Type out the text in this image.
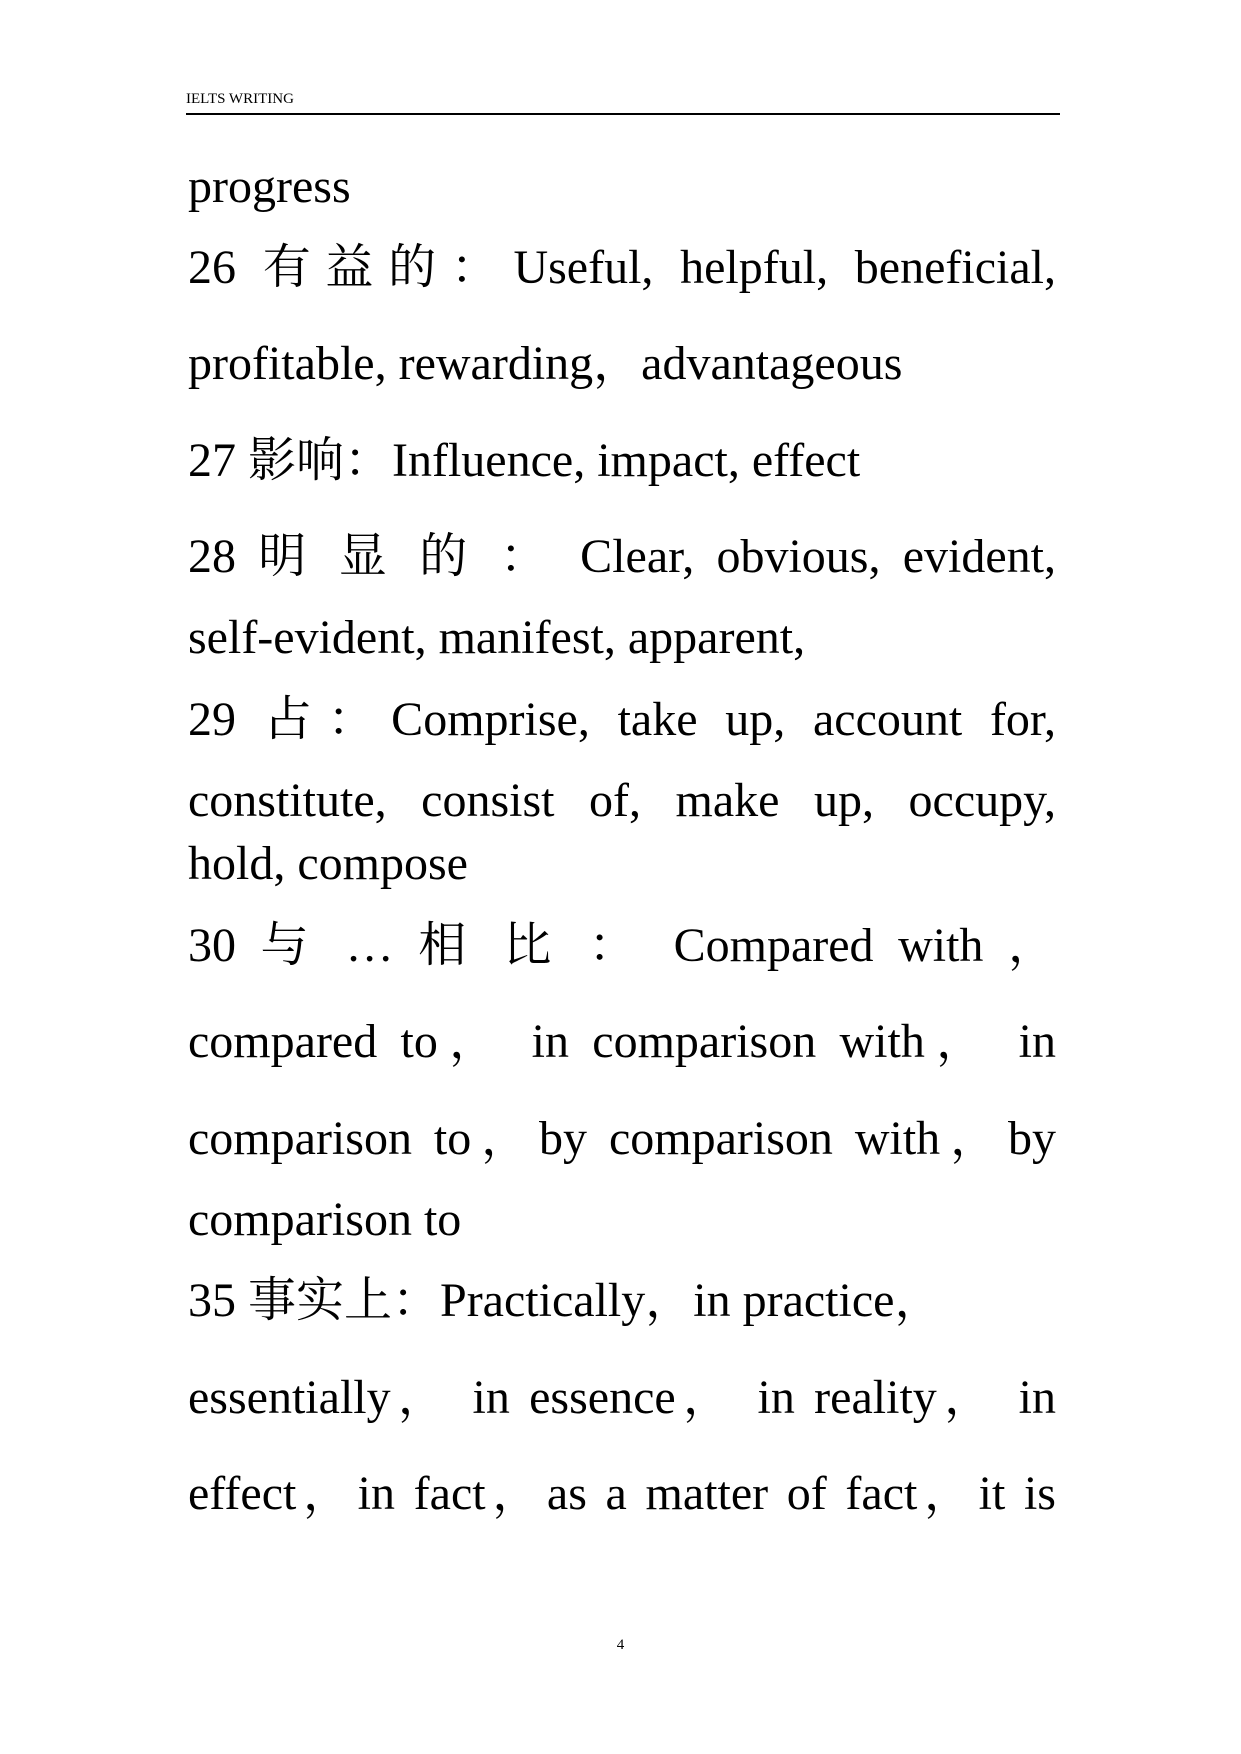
IELTS WRITING

progress

26 有益的：Useful, helpful, beneficial,

profitable, rewarding，advantageous

27 影响：Influence, impact, effect

28 明 显 的 ： Clear, obvious, evident,

self-evident, manifest, apparent,

29 占：Comprise, take up, account for,

constitute, consist of, make up, occupy,

hold, compose

30 与 … 相 比 ： Compared with ，

compared to， in comparison with， in

comparison to，by comparison with，by

comparison to

35 事实上：Practically，in practice，

essentially， in essence， in reality， in

effect，in fact，as a matter of fact，it is

4
